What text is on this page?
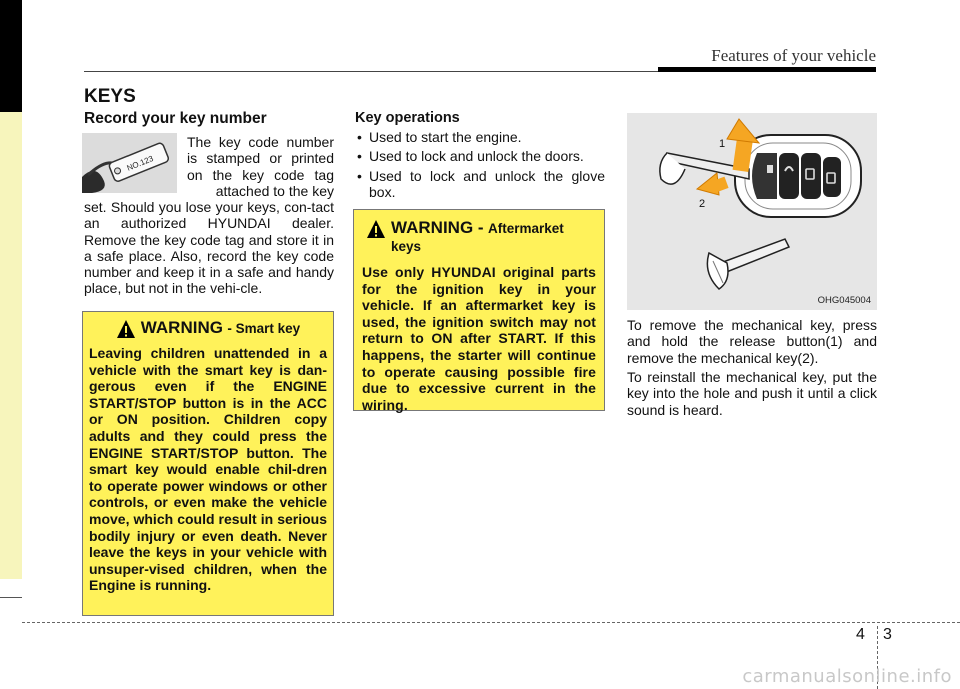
Features of your vehicle
KEYS
Record your key number
NO.123
The key code number is stamped or printed on the key code tag attached to the key
set. Should you lose your keys, con-tact an authorized HYUNDAI dealer. Remove the key code tag and store it in a safe place. Also, record the key code number and keep it in a safe and handy place, but not in the vehi-cle.
WARNING - Smart key
Leaving children unattended in a vehicle with the smart key is dan-gerous even if the ENGINE START/STOP button is in the ACC or ON position. Children copy adults and they could press the ENGINE START/STOP button. The smart key would enable chil-dren to operate power windows or other controls, or even make the vehicle move, which could result in serious bodily injury or even death. Never leave the keys in your vehicle with unsuper-vised children, when the Engine is running.
Key operations
• Used to start the engine.
• Used to lock and unlock the doors.
• Used to lock and unlock the glove box.
WARNING - Aftermarket keys
Use only HYUNDAI original parts for the ignition key in your vehicle. If an aftermarket key is used, the ignition switch may not return to ON after START. If this happens, the starter will continue to operate causing possible fire due to excessive current in the wiring.
1
2
OHG045004
To remove the mechanical key, press and hold the release button(1) and remove the mechanical key(2).
To reinstall the mechanical key, put the key into the hole and push it until a click sound is heard.
4 3
carmanualsonline.info
